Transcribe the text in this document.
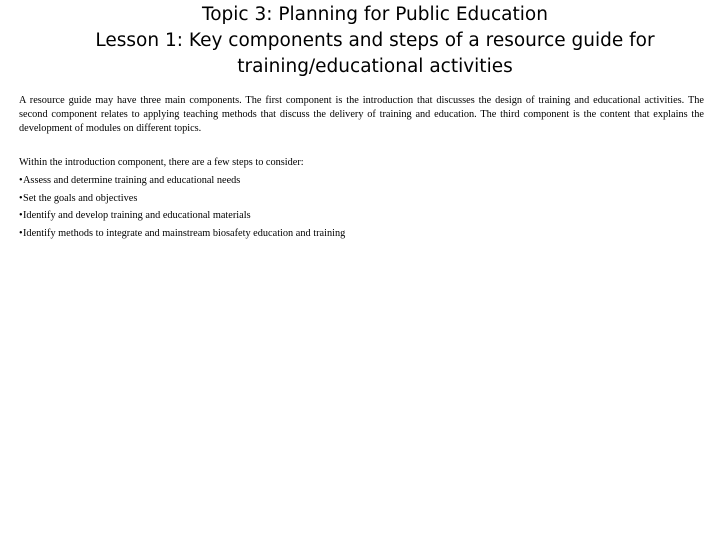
Topic 3: Planning for Public Education
Lesson 1: Key components and steps of a resource guide for
training/educational activities

A resource guide may have three main components. The first component is the introduction that discusses the design of training and educational activities. The second component relates to applying teaching methods that discuss the delivery of training and education. The third component is the content that explains the development of modules on different topics.

Within the introduction component, there are a few steps to consider:

•Assess and determine training and educational needs
•Set the goals and objectives
•Identify and develop training and educational materials
•Identify methods to integrate and mainstream biosafety education and training
